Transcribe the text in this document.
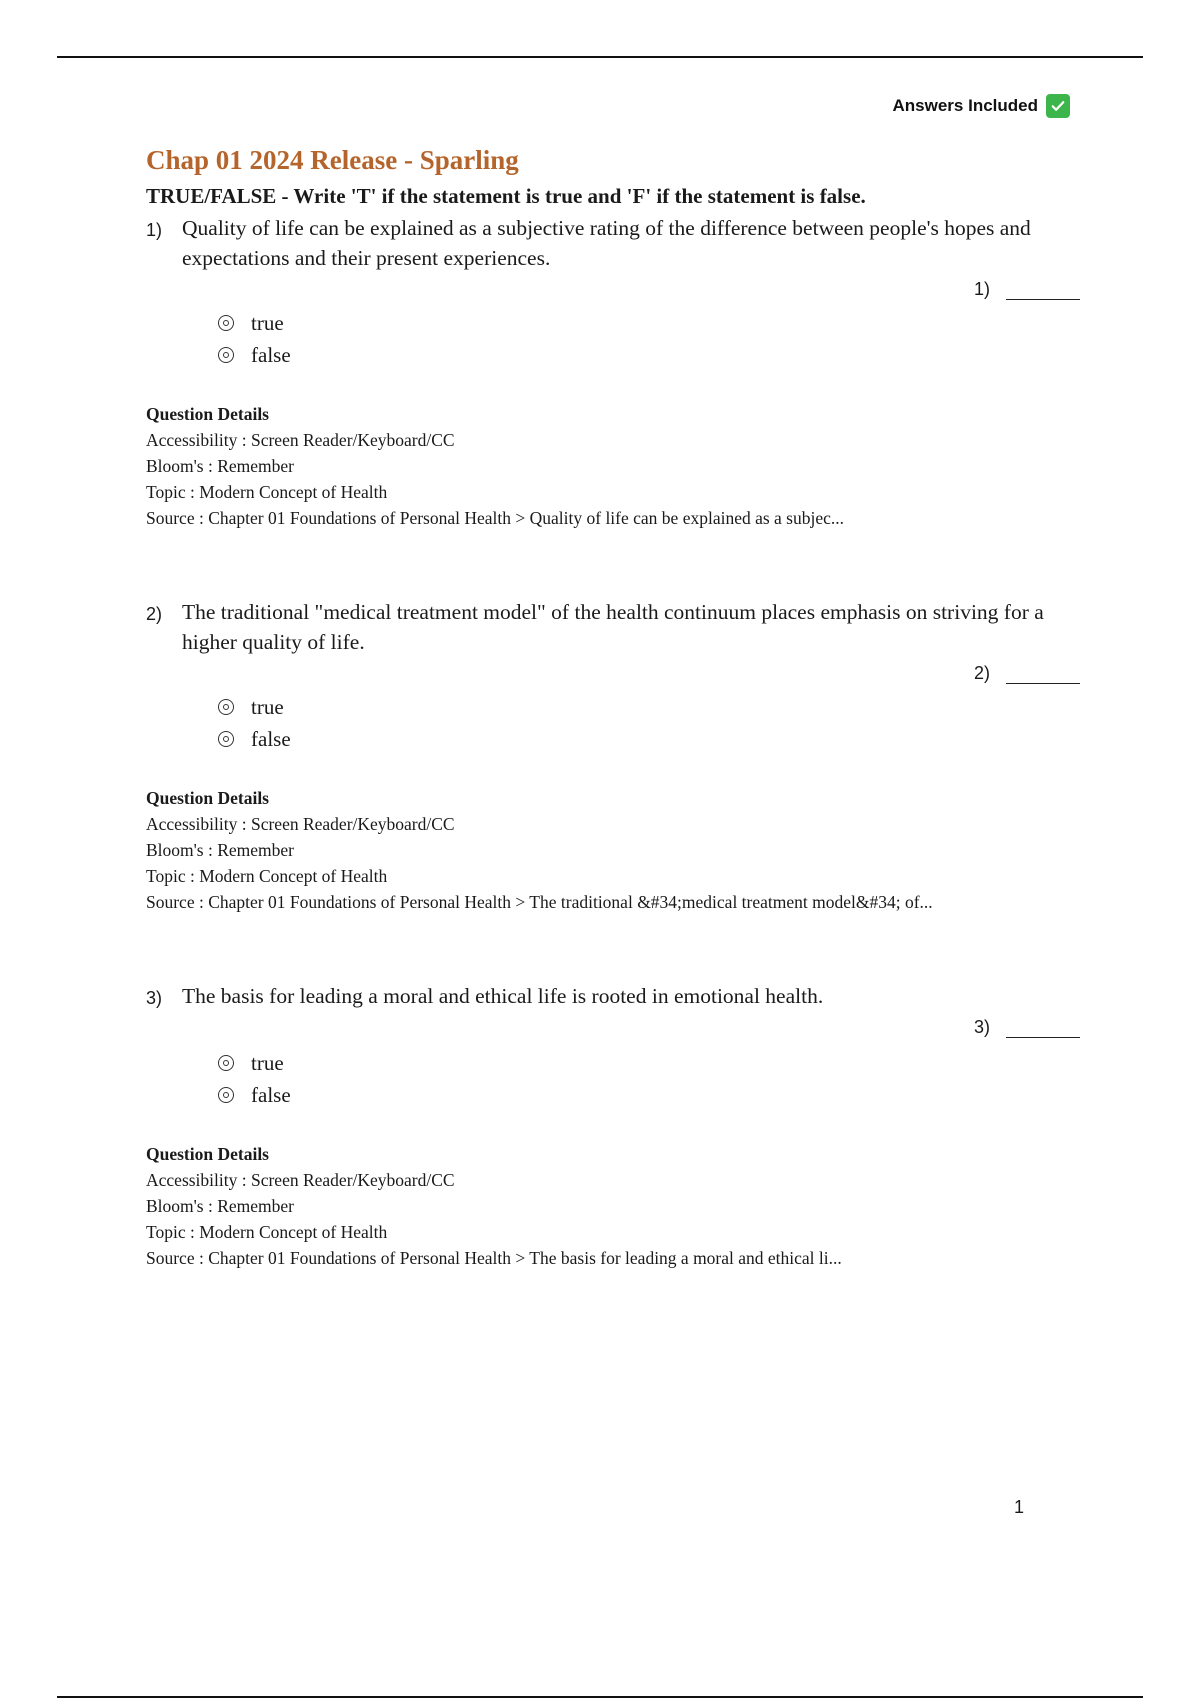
Answers Included
Chap 01 2024 Release - Sparling
TRUE/FALSE - Write 'T' if the statement is true and 'F' if the statement is false.
1) Quality of life can be explained as a subjective rating of the difference between people's hopes and expectations and their present experiences.
1)
true
false
Question Details
Accessibility : Screen Reader/Keyboard/CC
Bloom's : Remember
Topic : Modern Concept of Health
Source : Chapter 01 Foundations of Personal Health > Quality of life can be explained as a subjec...
2) The traditional "medical treatment model" of the health continuum places emphasis on striving for a higher quality of life.
2)
true
false
Question Details
Accessibility : Screen Reader/Keyboard/CC
Bloom's : Remember
Topic : Modern Concept of Health
Source : Chapter 01 Foundations of Personal Health > The traditional &#34;medical treatment model&#34; of...
3) The basis for leading a moral and ethical life is rooted in emotional health.
3)
true
false
Question Details
Accessibility : Screen Reader/Keyboard/CC
Bloom's : Remember
Topic : Modern Concept of Health
Source : Chapter 01 Foundations of Personal Health > The basis for leading a moral and ethical li...
1
